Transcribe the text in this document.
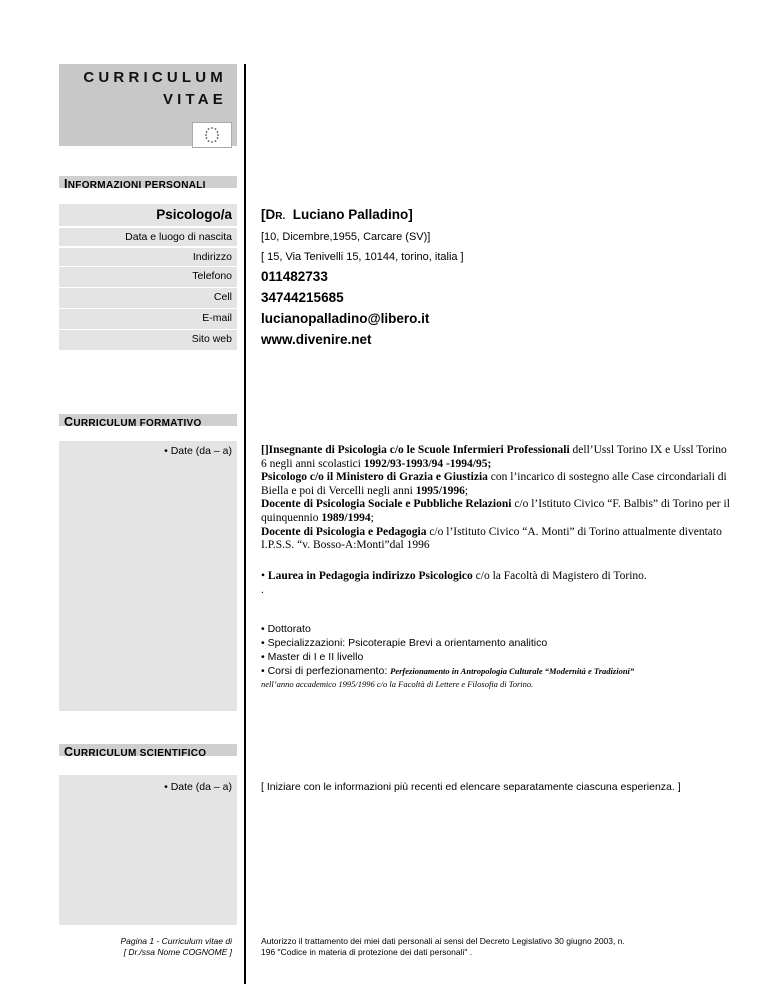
CURRICULUM
VITAE
INFORMAZIONI PERSONALI
Psicologo/a [DR. Luciano Palladino]
Data e luogo di nascita	[10, Dicembre,1955, Carcare (SV)]
Indirizzo	[ 15, Via Tenivelli 15, 10144, torino, italia ]
Telefono 011482733
Cell 34744215685
E-mail lucianopalladino@libero.it
Sito web www.divenire.net
CURRICULUM FORMATIVO
• Date (da – a)	[]Insegnante di Psicologia c/o le Scuole Infermieri Professionali dell’Ussl Torino IX e Ussl Torino 6 negli anni scolastici 1992/93-1993/94 -1994/95;
Psicologo c/o il Ministero di Grazia e Giustizia con l’incarico di sostegno alle Case circondariali di Biella e poi di Vercelli negli anni 1995/1996;
Docente di Psicologia Sociale e Pubbliche Relazioni c/o l’Istituto Civico “F. Balbis” di Torino per il quinquennio 1989/1994;
Docente di Psicologia e Pedagogia c/o l’Istituto Civico “A. Monti” di Torino attualmente diventato I.P.S.S. “v. Bosso-A:Monti”dal 1996
• Laurea in Pedagogia indirizzo Psicologico c/o la Facoltà di Magistero di Torino.
.
• Dottorato
• Specializzazioni: Psicoterapie Brevi a orientamento analitico
• Master di I e II livello
• Corsi di perfezionamento: Perfezionamento in Antropologia Culturale “Modernità e Tradizioni”
nell’anno accademico 1995/1996 c/o la Facoltà di Lettere e Filosofia di Torino.
CURRICULUM SCIENTIFICO
• Date (da – a)	[ Iniziare con le informazioni più recenti ed elencare separatamente ciascuna esperienza. ]
Pagina 1 - Curriculum vitae di
[ Dr./ssa Nome COGNOME ]
Autorizzo il trattamento dei miei dati personali ai sensi del Decreto Legislativo 30 giugno 2003, n.
196 "Codice in materia di protezione dei dati personali" .
